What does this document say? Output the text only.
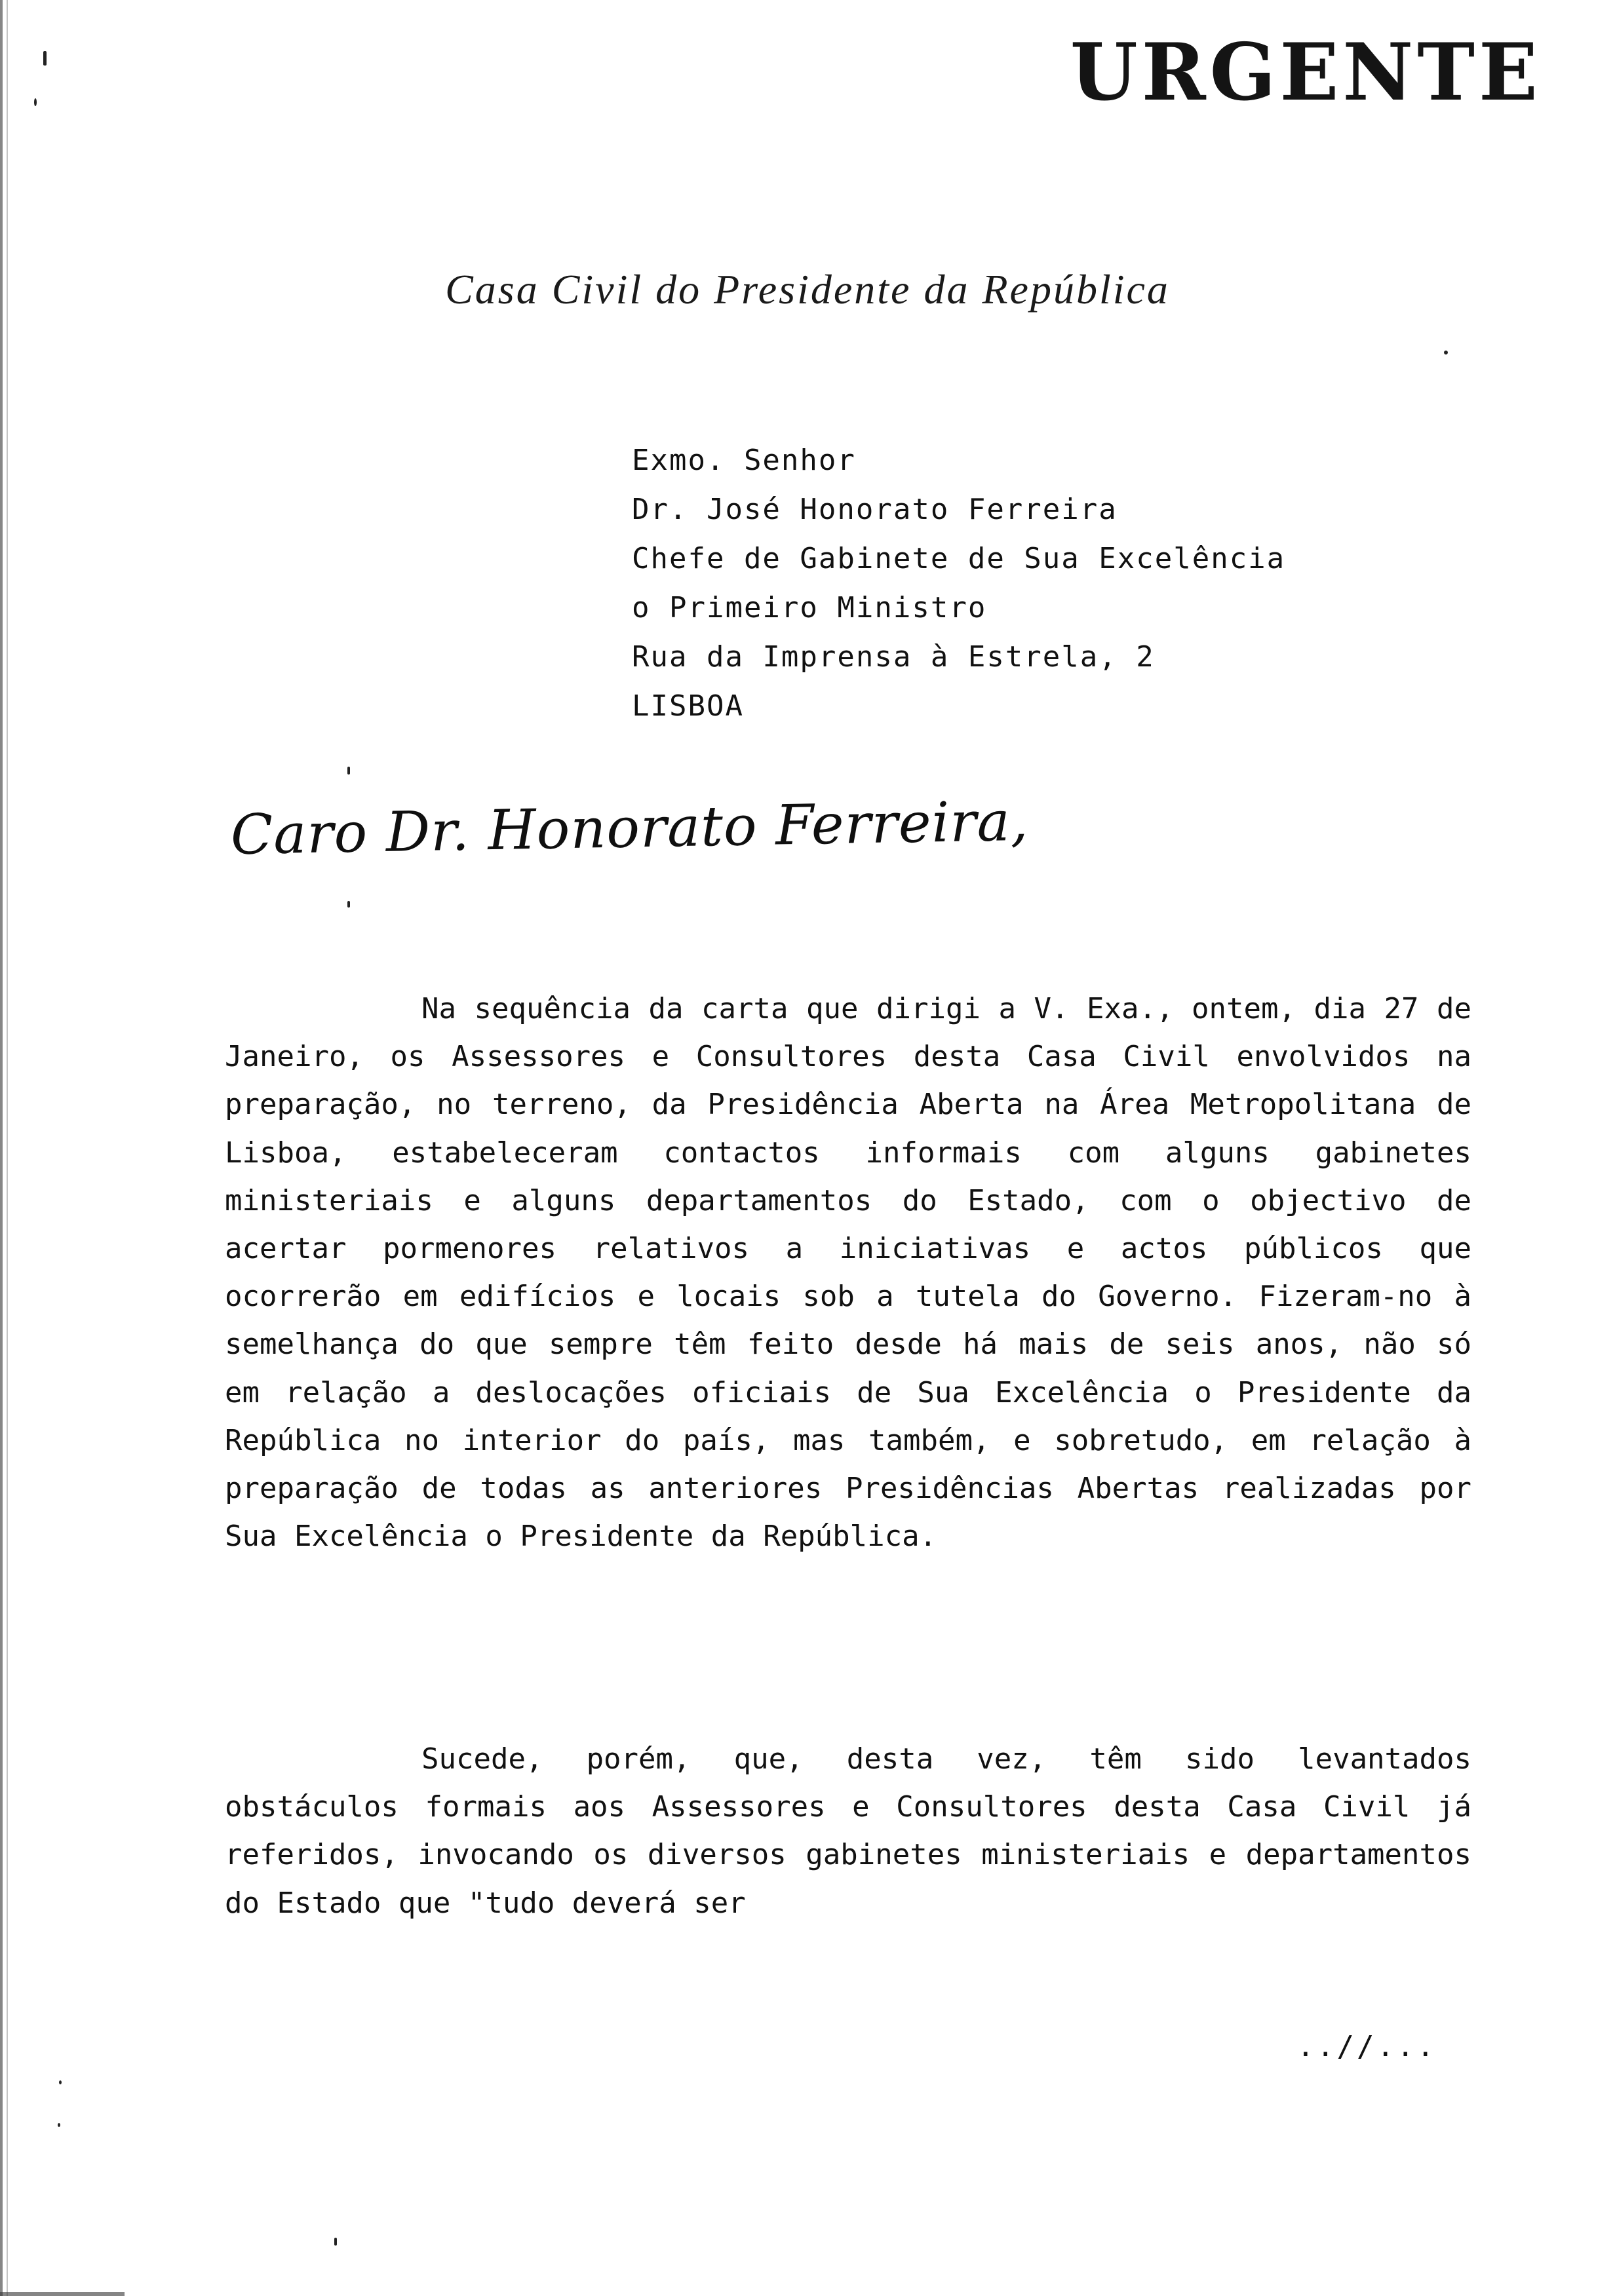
URGENTE
Casa Civil do Presidente da República
Exmo. Senhor
Dr. José Honorato Ferreira
Chefe de Gabinete de Sua Excelência
o Primeiro Ministro
Rua da Imprensa à Estrela, 2
LISBOA
Caro Dr. Honorato Ferreira,

Na sequência da carta que dirigi a V. Exa., ontem, dia 27 de Janeiro, os Assessores e Consultores desta Casa Civil envolvidos na preparação, no terreno, da Presidência Aberta na Área Metropolitana de Lisboa, estabeleceram contactos informais com alguns gabinetes ministeriais e alguns departamentos do Estado, com o objectivo de acertar pormenores relativos a iniciativas e actos públicos que ocorrerão em edifícios e locais sob a tutela do Governo. Fizeram-no à semelhança do que sempre têm feito desde há mais de seis anos, não só em relação a deslocações oficiais de Sua Excelência o Presidente da República no interior do país, mas também, e sobretudo, em relação à preparação de todas as anteriores Presidências Abertas realizadas por Sua Excelência o Presidente da República.

Sucede, porém, que, desta vez, têm sido levantados obstáculos formais aos Assessores e Consultores desta Casa Civil já referidos, invocando os diversos gabinetes ministeriais e departamentos do Estado que "tudo deverá ser

..//...
